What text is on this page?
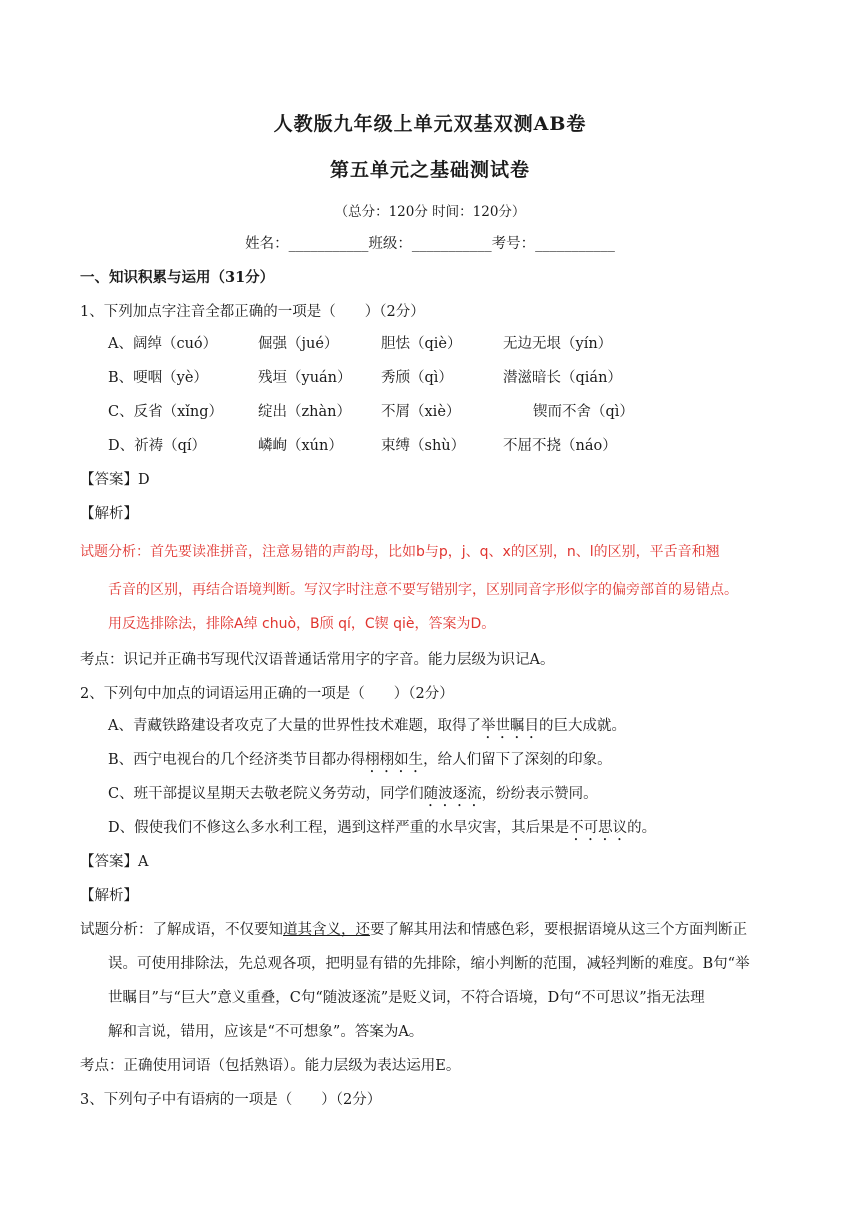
人教版九年级上单元双基双测AB卷
第五单元之基础测试卷
（总分：120分 时间：120分）
姓名：___________班级：___________考号：___________
一、知识积累与运用（31分）
1、下列加点字注音全都正确的一项是（　　）（2分）
A、阔绰（cuó）	倔强（jué）	胆怯（qiè）	无边无垠（yín）
B、哽咽（yè）	残垣（yuán） 秀颀（qì）	潜滋暗长（qián）
C、反省（xǐng） 绽出（zhàn） 不屑（xiè）	锲而不舍（qì）
D、祈祷（qí）	嶙峋（xún）	束缚（shù）	不屈不挠（náo）
【答案】D
【解析】
试题分析：首先要读准拼音，注意易错的声韵母，比如b与p，j、q、x的区别，n、l的区别，平舌音和翘
舌音的区别，再结合语境判断。写汉字时注意不要写错别字，区别同音字形似字的偏旁部首的易错点。
用反选排除法，排除A绰 chuò，B颀 qí，C锲 qiè，答案为D。
考点：识记并正确书写现代汉语普通话常用字的字音。能力层级为识记A。
2、下列句中加点的词语运用正确的一项是（　　）（2分）
A、青藏铁路建设者攻克了大量的世界性技术难题，取得了举世瞩目的巨大成就。
B、西宁电视台的几个经济类节目都办得栩栩如生，给人们留下了深刻的印象。
C、班干部提议星期天去敬老院义务劳动，同学们随波逐流，纷纷表示赞同。
D、假使我们不修这么多水利工程，遇到这样严重的水旱灾害，其后果是不可思议的。
【答案】A
【解析】
试题分析：了解成语，不仅要知道其含义，还要了解其用法和情感色彩，要根据语境从这三个方面判断正
误。可使用排除法，先总观各项，把明显有错的先排除，缩小判断的范围，减轻判断的难度。B句“举
世瞩目”与“巨大”意义重叠，C句“随波逐流”是贬义词，不符合语境，D句“不可思议”指无法理
解和言说，错用，应该是“不可想象”。答案为A。
考点：正确使用词语（包括熟语）。能力层级为表达运用E。
3、下列句子中有语病的一项是（　　）（2分）
